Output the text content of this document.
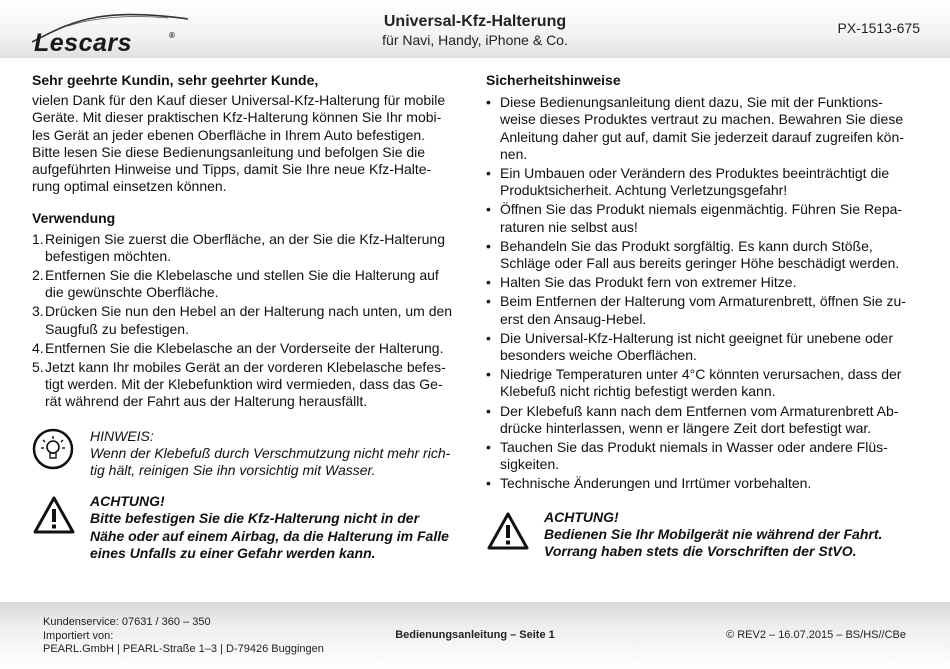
Lescars	®
Universal-Kfz-Halterung
für Navi, Handy, iPhone & Co.
PX-1513-675
Sehr geehrte Kundin, sehr geehrter Kunde,

vielen Dank für den Kauf dieser Universal-Kfz-Halterung für mobile

Geräte. Mit dieser praktischen Kfz-Halterung können Sie Ihr mobi-

les Gerät an jeder ebenen Oberfläche in Ihrem Auto befestigen.

Bitte lesen Sie diese Bedienungsanleitung und befolgen Sie die

aufgeführten Hinweise und Tipps, damit Sie Ihre neue Kfz-Halte-

rung optimal einsetzen können.

Verwendung
1. Reinigen Sie zuerst die Oberfläche, an der Sie die Kfz-Halterung
befestigen möchten.
2. Entfernen Sie die Klebelasche und stellen Sie die Halterung auf
die gewünschte Oberfläche.
3. Drücken Sie nun den Hebel an der Halterung nach unten, um den
Saugfuß zu befestigen.
4. Entfernen Sie die Klebelasche an der Vorderseite der Halterung.
5. Jetzt kann Ihr mobiles Gerät an der vorderen Klebelasche befes-
tigt werden. Mit der Klebefunktion wird vermieden, dass das Ge-
rät während der Fahrt aus der Halterung herausfällt.
HINWEIS:
Wenn der Klebefuß durch Verschmutzung nicht mehr rich-
tig hält, reinigen Sie ihn vorsichtig mit Wasser.
ACHTUNG!
Bitte befestigen Sie die Kfz-Halterung nicht in der
Nähe oder auf einem Airbag, da die Halterung im Falle
eines Unfalls zu einer Gefahr werden kann.
Sicherheitshinweise
• Diese Bedienungsanleitung dient dazu, Sie mit der Funktions-
weise dieses Produktes vertraut zu machen. Bewahren Sie diese
Anleitung daher gut auf, damit Sie jederzeit darauf zugreifen kön-
nen.
• Ein Umbauen oder Verändern des Produktes beeinträchtigt die
Produktsicherheit. Achtung Verletzungsgefahr!
• Öffnen Sie das Produkt niemals eigenmächtig. Führen Sie Repa-
raturen nie selbst aus!
• Behandeln Sie das Produkt sorgfältig. Es kann durch Stöße,
Schläge oder Fall aus bereits geringer Höhe beschädigt werden.
• Halten Sie das Produkt fern von extremer Hitze.
• Beim Entfernen der Halterung vom Armaturenbrett, öffnen Sie zu-
erst den Ansaug-Hebel.
• Die Universal-Kfz-Halterung ist nicht geeignet für unebene oder
besonders weiche Oberflächen.
• Niedrige Temperaturen unter 4°C könnten verursachen, dass der
Klebefuß nicht richtig befestigt werden kann.
• Der Klebefuß kann nach dem Entfernen vom Armaturenbrett Ab-
drücke hinterlassen, wenn er längere Zeit dort befestigt war.
• Tauchen Sie das Produkt niemals in Wasser oder andere Flüs-
sigkeiten.
• Technische Änderungen und Irrtümer vorbehalten.
ACHTUNG!
Bedienen Sie Ihr Mobilgerät nie während der Fahrt.
Vorrang haben stets die Vorschriften der StVO.
Kundenservice: 07631 / 360 – 350
Importiert von:
PEARL.GmbH | PEARL-Straße 1–3 | D-79426 Buggingen
Bedienungsanleitung – Seite 1	© REV2 – 16.07.2015 – BS/HS//CBe
